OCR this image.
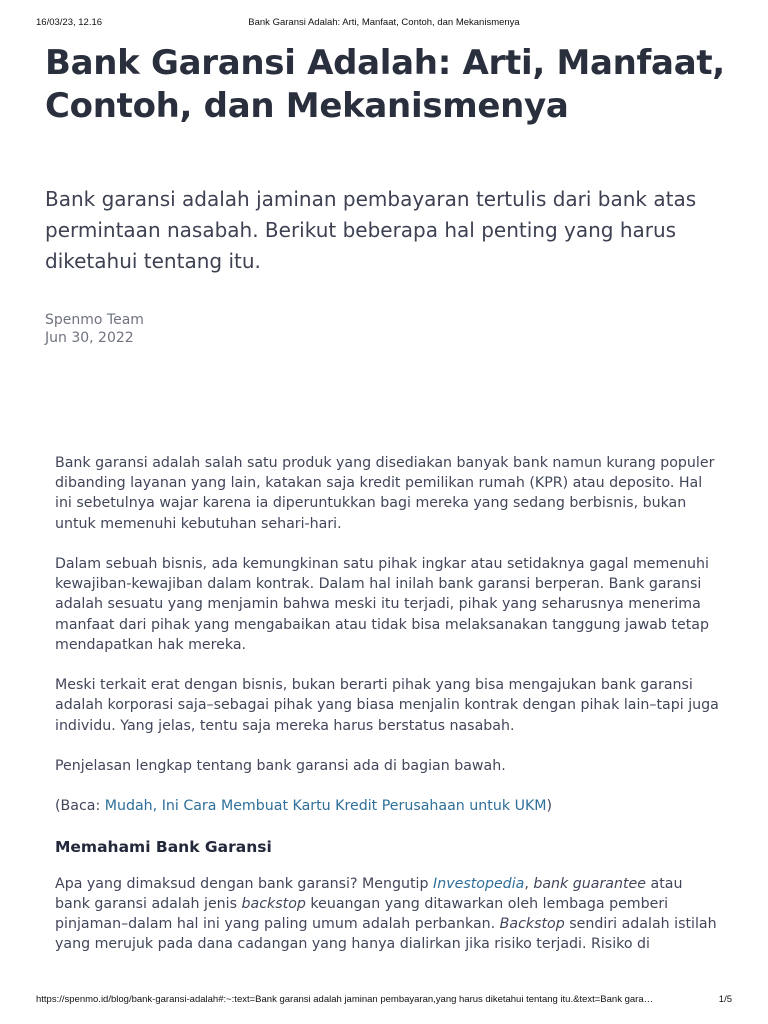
16/03/23, 12.16	Bank Garansi Adalah: Arti, Manfaat, Contoh, dan Mekanismenya
Bank Garansi Adalah: Arti, Manfaat, Contoh, dan Mekanismenya

Bank garansi adalah jaminan pembayaran tertulis dari bank atas permintaan nasabah. Berikut beberapa hal penting yang harus diketahui tentang itu.

Spenmo Team
Jun 30, 2022

Bank garansi adalah salah satu produk yang disediakan banyak bank namun kurang populer dibanding layanan yang lain, katakan saja kredit pemilikan rumah (KPR) atau deposito. Hal ini sebetulnya wajar karena ia diperuntukkan bagi mereka yang sedang berbisnis, bukan untuk memenuhi kebutuhan sehari-hari.

Dalam sebuah bisnis, ada kemungkinan satu pihak ingkar atau setidaknya gagal memenuhi kewajiban-kewajiban dalam kontrak. Dalam hal inilah bank garansi berperan. Bank garansi adalah sesuatu yang menjamin bahwa meski itu terjadi, pihak yang seharusnya menerima manfaat dari pihak yang mengabaikan atau tidak bisa melaksanakan tanggung jawab tetap mendapatkan hak mereka.

Meski terkait erat dengan bisnis, bukan berarti pihak yang bisa mengajukan bank garansi adalah korporasi saja–sebagai pihak yang biasa menjalin kontrak dengan pihak lain–tapi juga individu. Yang jelas, tentu saja mereka harus berstatus nasabah.

Penjelasan lengkap tentang bank garansi ada di bagian bawah.

(Baca: Mudah, Ini Cara Membuat Kartu Kredit Perusahaan untuk UKM)

Memahami Bank Garansi

Apa yang dimaksud dengan bank garansi? Mengutip Investopedia, bank guarantee atau bank garansi adalah jenis backstop keuangan yang ditawarkan oleh lembaga pemberi pinjaman–dalam hal ini yang paling umum adalah perbankan. Backstop sendiri adalah istilah yang merujuk pada dana cadangan yang hanya dialirkan jika risiko terjadi. Risiko di

https://spenmo.id/blog/bank-garansi-adalah#:~:text=Bank garansi adalah jaminan pembayaran,yang harus diketahui tentang itu.&text=Bank gara…	1/5
